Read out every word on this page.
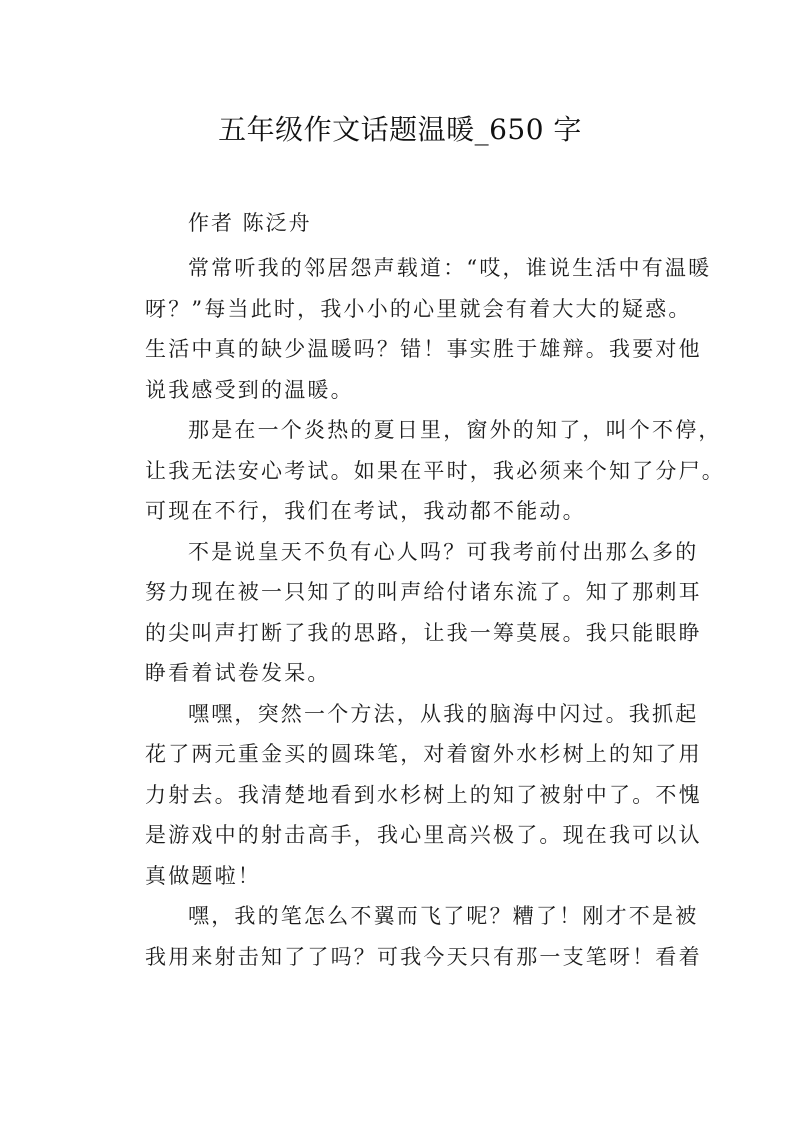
五年级作文话题温暖_650 字
作者 陈泛舟
常常听我的邻居怨声载道：“哎，谁说生活中有温暖
呀？”每当此时，我小小的心里就会有着大大的疑惑。
生活中真的缺少温暖吗？错！事实胜于雄辩。我要对他
说我感受到的温暖。
那是在一个炎热的夏日里，窗外的知了，叫个不停，
让我无法安心考试。如果在平时，我必须来个知了分尸。
可现在不行，我们在考试，我动都不能动。
不是说皇天不负有心人吗？可我考前付出那么多的
努力现在被一只知了的叫声给付诸东流了。知了那刺耳
的尖叫声打断了我的思路，让我一筹莫展。我只能眼睁
睁看着试卷发呆。
嘿嘿，突然一个方法，从我的脑海中闪过。我抓起
花了两元重金买的圆珠笔，对着窗外水杉树上的知了用
力射去。我清楚地看到水杉树上的知了被射中了。不愧
是游戏中的射击高手，我心里高兴极了。现在我可以认
真做题啦！
嘿，我的笔怎么不翼而飞了呢？糟了！刚才不是被
我用来射击知了了吗？可我今天只有那一支笔呀！看着
